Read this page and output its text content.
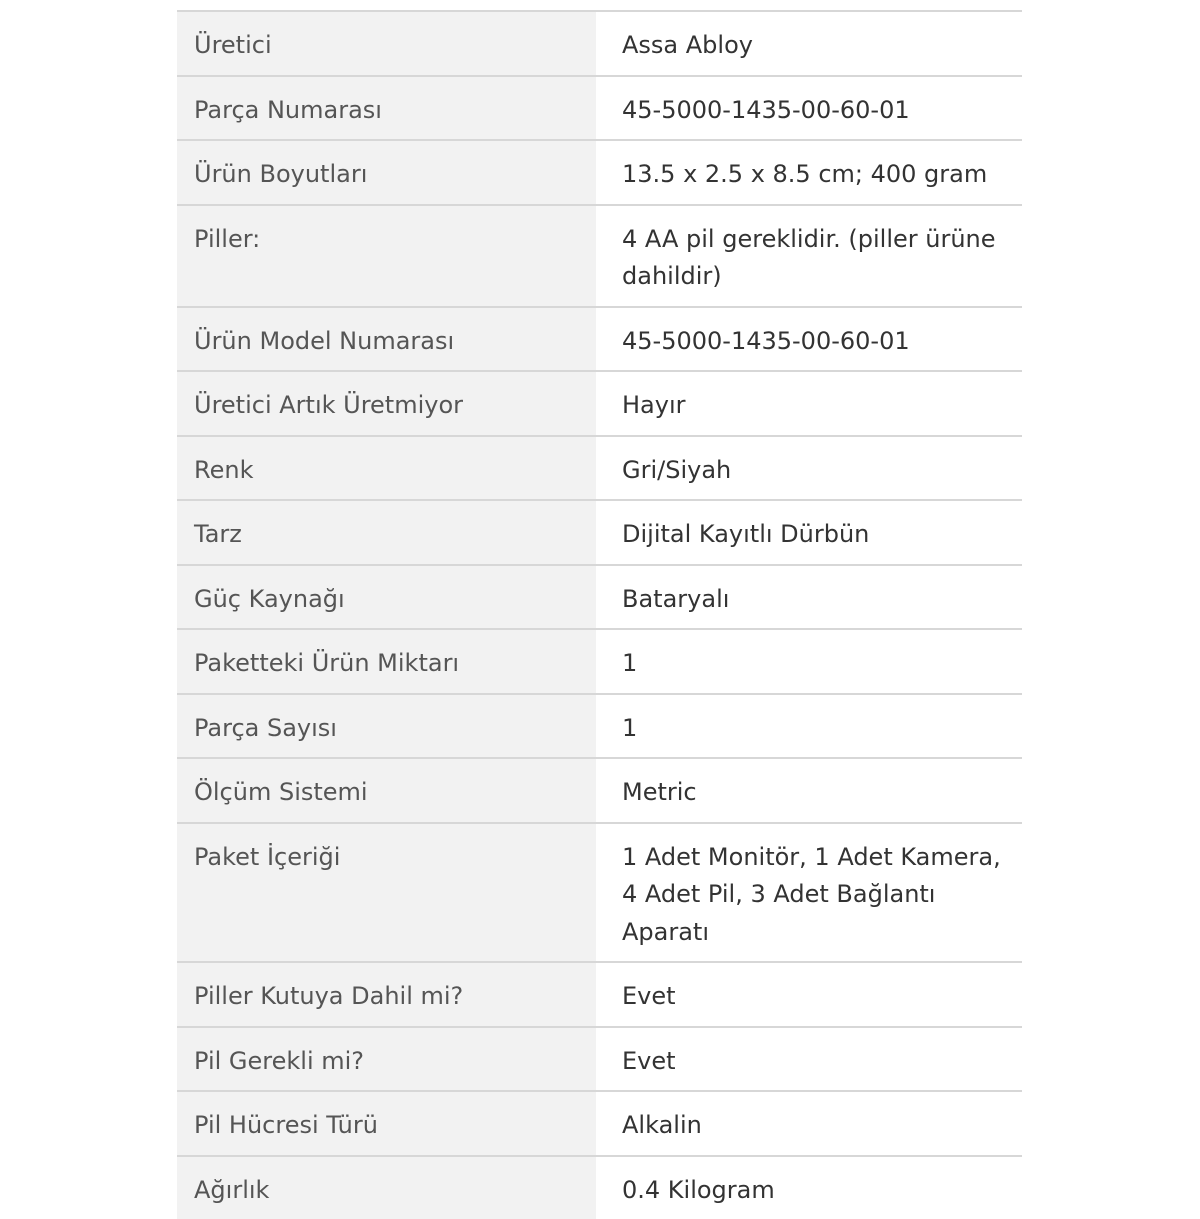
Üretici	Assa Abloy
Parça Numarası	45-5000-1435-00-60-01
Ürün Boyutları	13.5 x 2.5 x 8.5 cm; 400 gram
Piller:	4 AA pil gereklidir. (piller ürüne dahildir)
Ürün Model Numarası	45-5000-1435-00-60-01
Üretici Artık Üretmiyor	Hayır
Renk	Gri/Siyah
Tarz	Dijital Kayıtlı Dürbün
Güç Kaynağı	Bataryalı
Paketteki Ürün Miktarı	1
Parça Sayısı	1
Ölçüm Sistemi	Metric
Paket İçeriği	1 Adet Monitör, 1 Adet Kamera, 4 Adet Pil, 3 Adet Bağlantı Aparatı
Piller Kutuya Dahil mi?	Evet
Pil Gerekli mi?	Evet
Pil Hücresi Türü	Alkalin
Ağırlık	0.4 Kilogram
